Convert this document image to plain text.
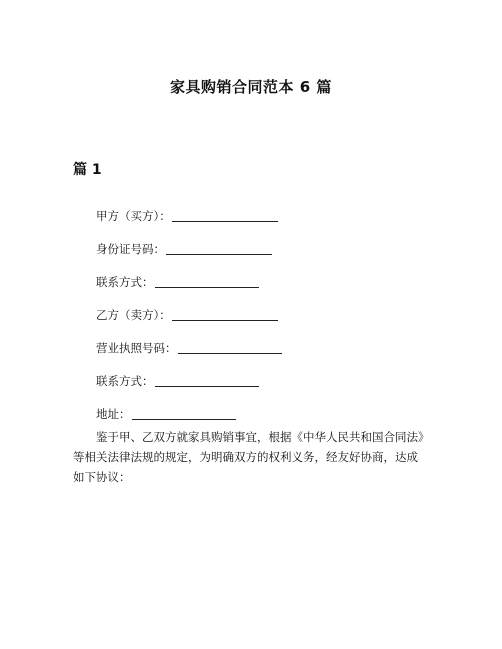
家具购销合同范本 6 篇
篇 1
甲方（买方）：
身份证号码：
联系方式：
乙方（卖方）：
营业执照号码：
联系方式：
地址：
鉴于甲、乙双方就家具购销事宜，根据《中华人民共和国合同法》
等相关法律法规的规定，为明确双方的权利义务，经友好协商，达成
如下协议：
